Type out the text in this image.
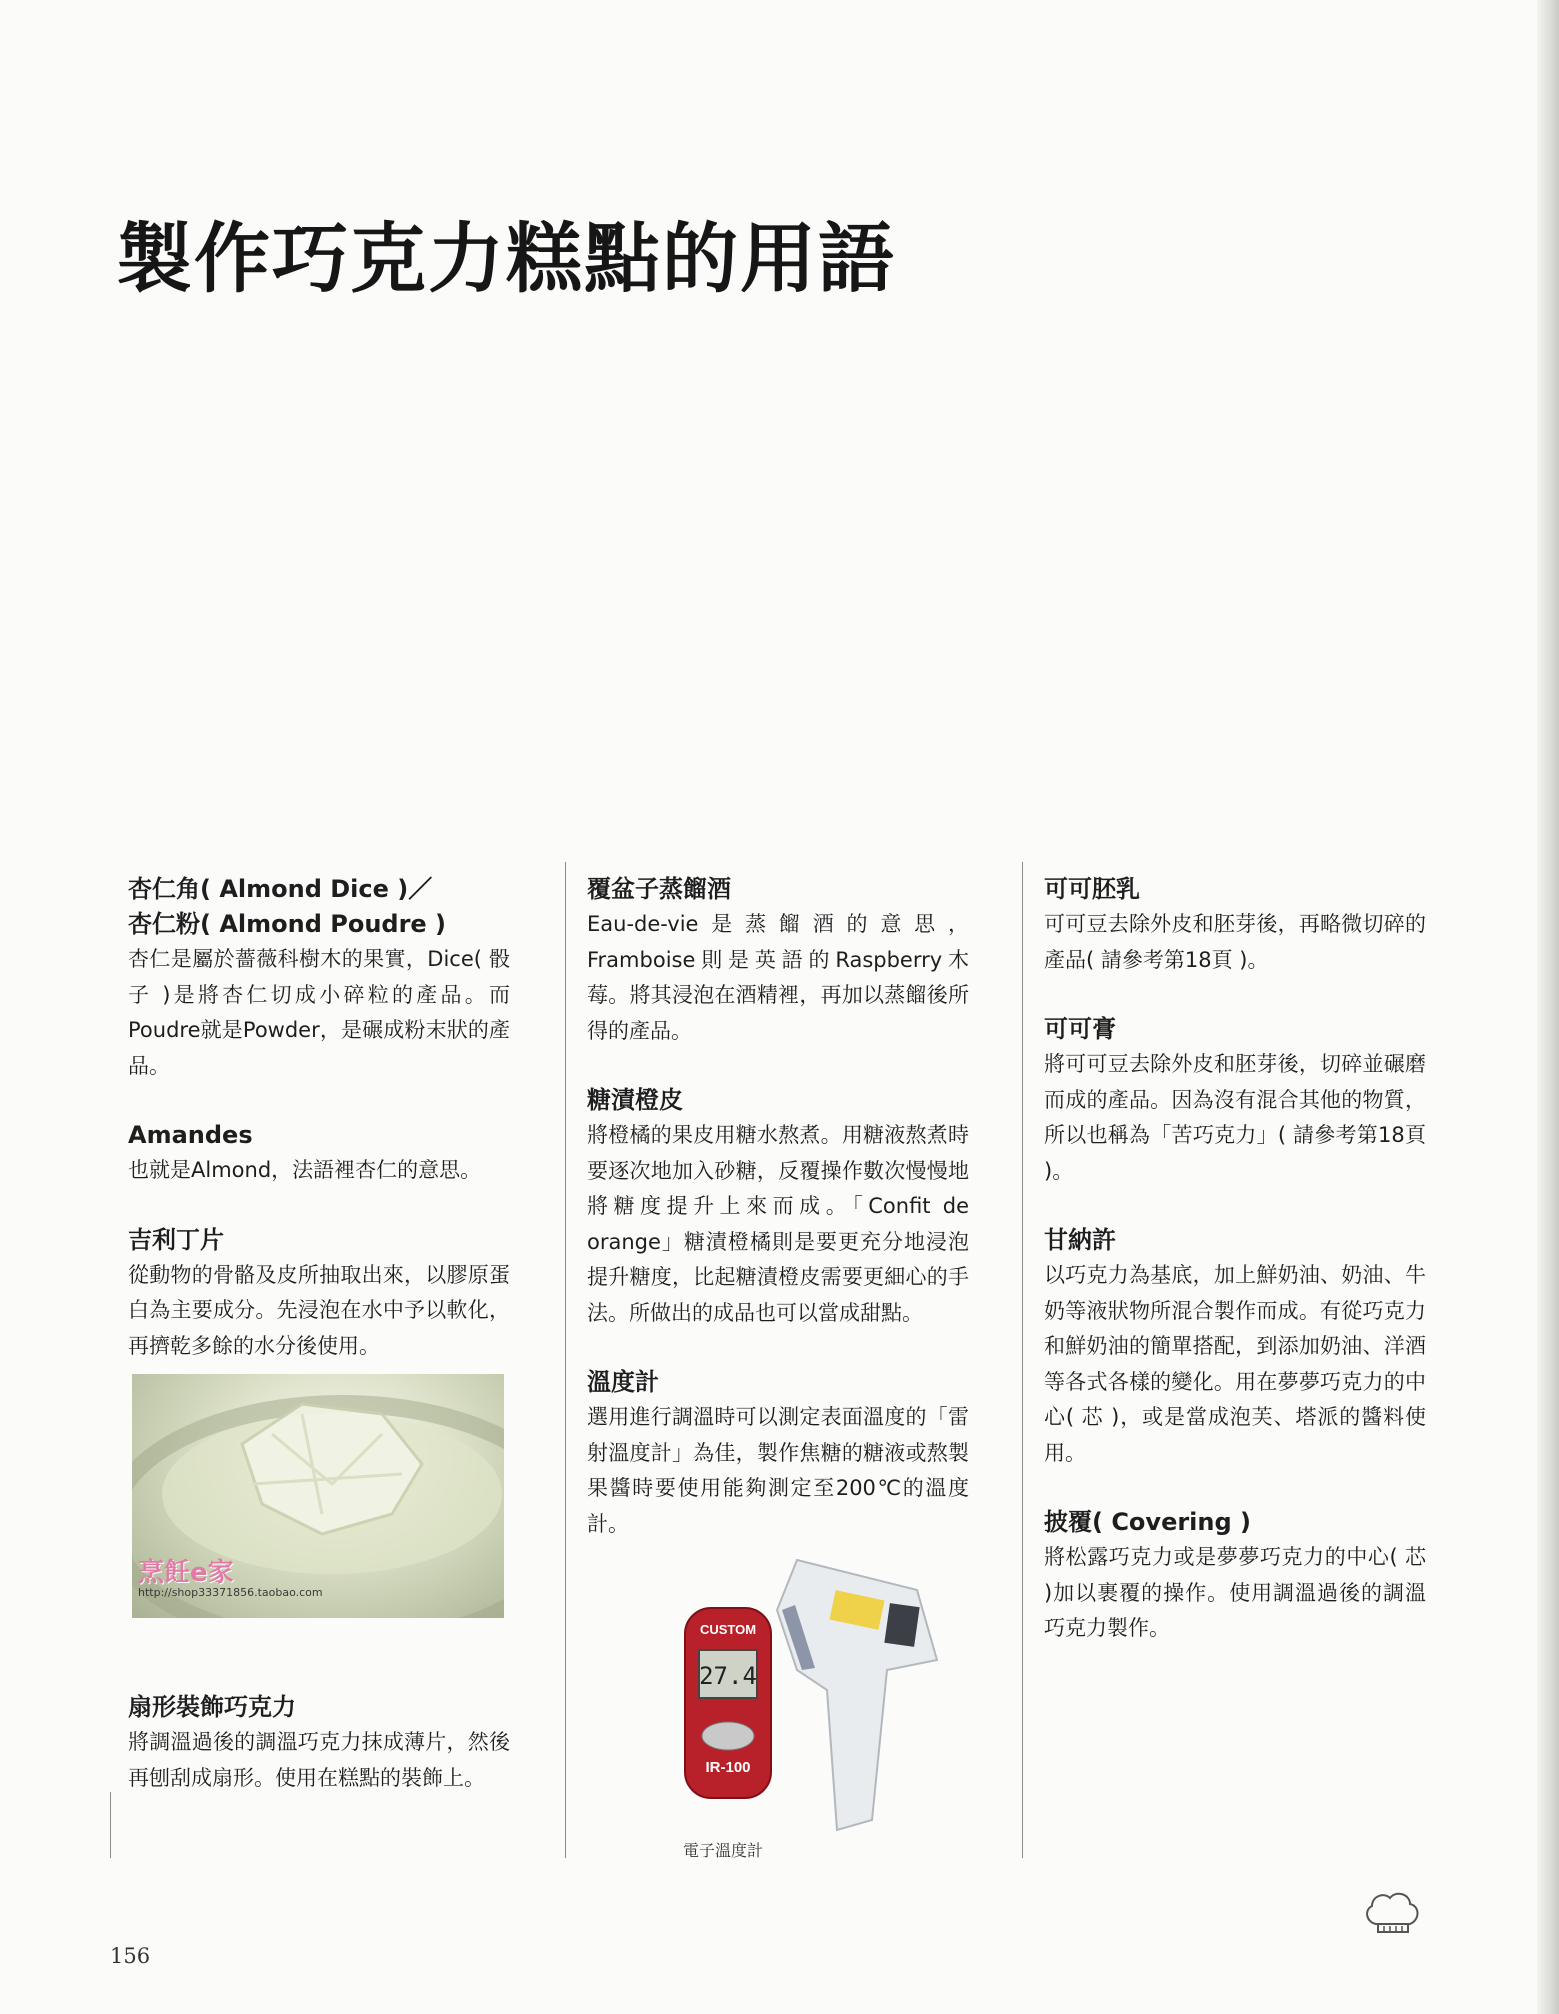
製作巧克力糕點的用語

杏仁角( Almond Dice )／

杏仁粉( Almond Poudre )

杏仁是屬於薔薇科樹木的果實，Dice( 骰子 )是將杏仁切成小碎粒的產品。而Poudre就是Powder，是碾成粉末狀的產品。

Amandes

也就是Almond，法語裡杏仁的意思。

吉利丁片

從動物的骨骼及皮所抽取出來，以膠原蛋白為主要成分。先浸泡在水中予以軟化，再擠乾多餘的水分後使用。

烹飪e家
http://shop33371856.taobao.com

扇形裝飾巧克力

將調溫過後的調溫巧克力抹成薄片，然後再刨刮成扇形。使用在糕點的裝飾上。

覆盆子蒸餾酒

Eau-de-vie是蒸餾酒的意思，Framboise則是英語的Raspberry木莓。將其浸泡在酒精裡，再加以蒸餾後所得的產品。

糖漬橙皮

將橙橘的果皮用糖水熬煮。用糖液熬煮時要逐次地加入砂糖，反覆操作數次慢慢地將糖度提升上來而成。「Confit de orange」糖漬橙橘則是要更充分地浸泡提升糖度，比起糖漬橙皮需要更細心的手法。所做出的成品也可以當成甜點。

溫度計

選用進行調溫時可以測定表面溫度的「雷射溫度計」為佳，製作焦糖的糖液或熬製果醬時要使用能夠測定至200℃的溫度計。

CUSTOM
27.4
IR-100
電子溫度計

可可胚乳

可可豆去除外皮和胚芽後，再略微切碎的產品( 請參考第18頁 )。

可可膏

將可可豆去除外皮和胚芽後，切碎並碾磨而成的產品。因為沒有混合其他的物質，所以也稱為「苦巧克力」( 請參考第18頁 )。

甘納許

以巧克力為基底，加上鮮奶油、奶油、牛奶等液狀物所混合製作而成。有從巧克力和鮮奶油的簡單搭配，到添加奶油、洋酒等各式各樣的變化。用在夢夢巧克力的中心( 芯 )，或是當成泡芙、塔派的醬料使用。

披覆( Covering )

將松露巧克力或是夢夢巧克力的中心( 芯 )加以裹覆的操作。使用調溫過後的調溫巧克力製作。

156
